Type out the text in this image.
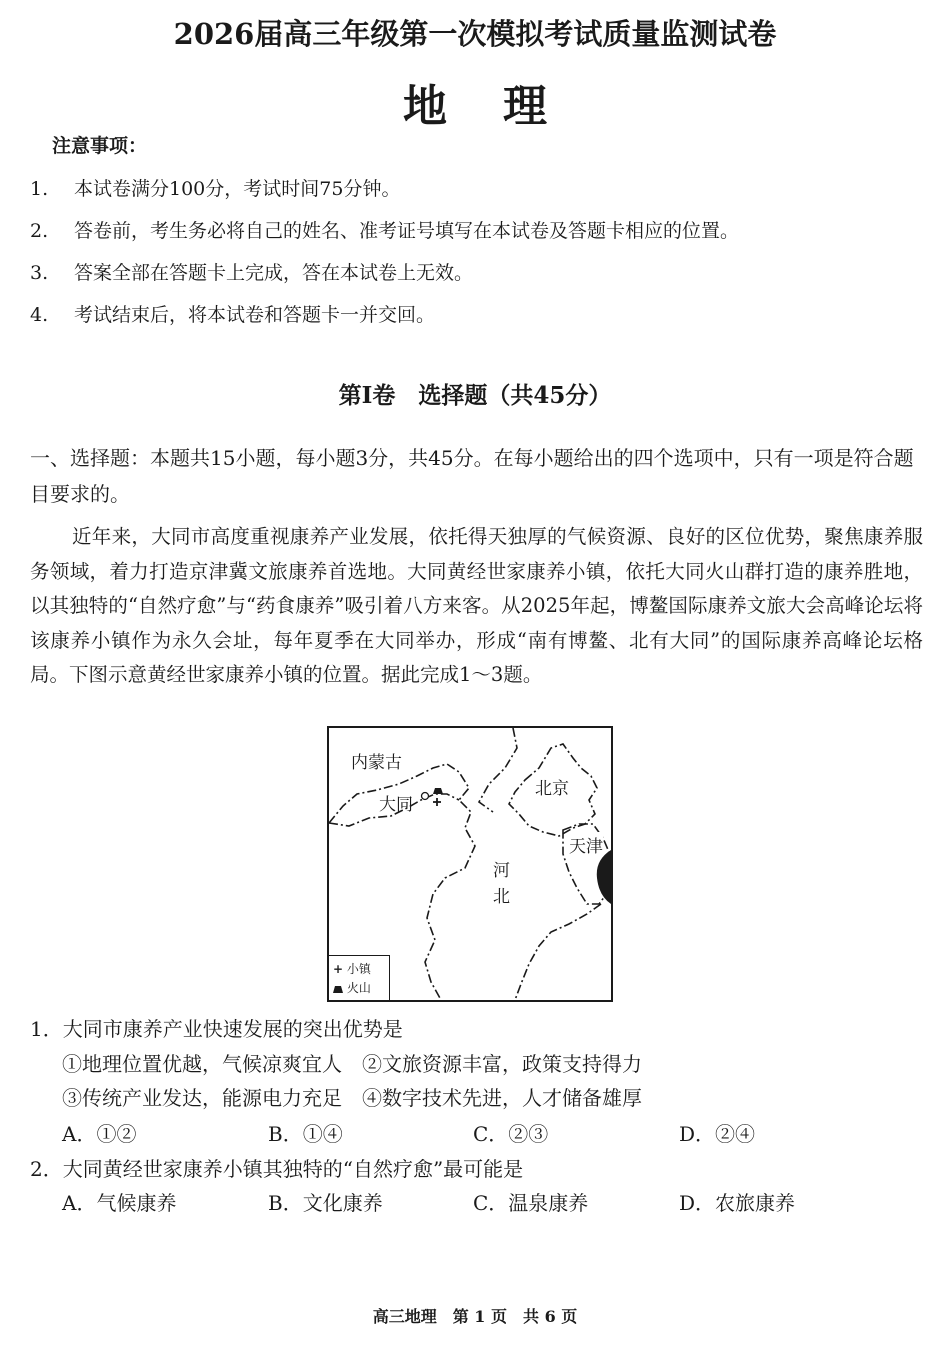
2026届高三年级第一次模拟考试质量监测试卷
地理
注意事项：
1. 本试卷满分100分，考试时间75分钟。
2. 答卷前，考生务必将自己的姓名、准考证号填写在本试卷及答题卡相应的位置。
3. 答案全部在答题卡上完成，答在本试卷上无效。
4. 考试结束后，将本试卷和答题卡一并交回。
第Ⅰ卷　选择题（共45分）
一、选择题：本题共15小题，每小题3分，共45分。在每小题给出的四个选项中，只有一项是符合题目要求的。
近年来，大同市高度重视康养产业发展，依托得天独厚的气候资源、良好的区位优势，聚焦康养服务领域，着力打造京津冀文旅康养首选地。大同黄经世家康养小镇，依托大同火山群打造的康养胜地，以其独特的“自然疗愈”与“药食康养”吸引着八方来客。从2025年起，博鳌国际康养文旅大会高峰论坛将该康养小镇作为永久会址，每年夏季在大同举办，形成“南有博鳌、北有大同”的国际康养高峰论坛格局。下图示意黄经世家康养小镇的位置。据此完成1～3题。
内蒙古
大同
北京
天津
河
北
+ 小镇
火山
1．大同市康养产业快速发展的突出优势是
①地理位置优越，气候凉爽宜人　②文旅资源丰富，政策支持得力
③传统产业发达，能源电力充足　④数字技术先进，人才储备雄厚
A．①②	B．①④	C．②③	D．②④
2．大同黄经世家康养小镇其独特的“自然疗愈”最可能是
A．气候康养	B．文化康养	C．温泉康养	D．农旅康养
高三地理　第 1 页　共 6 页
